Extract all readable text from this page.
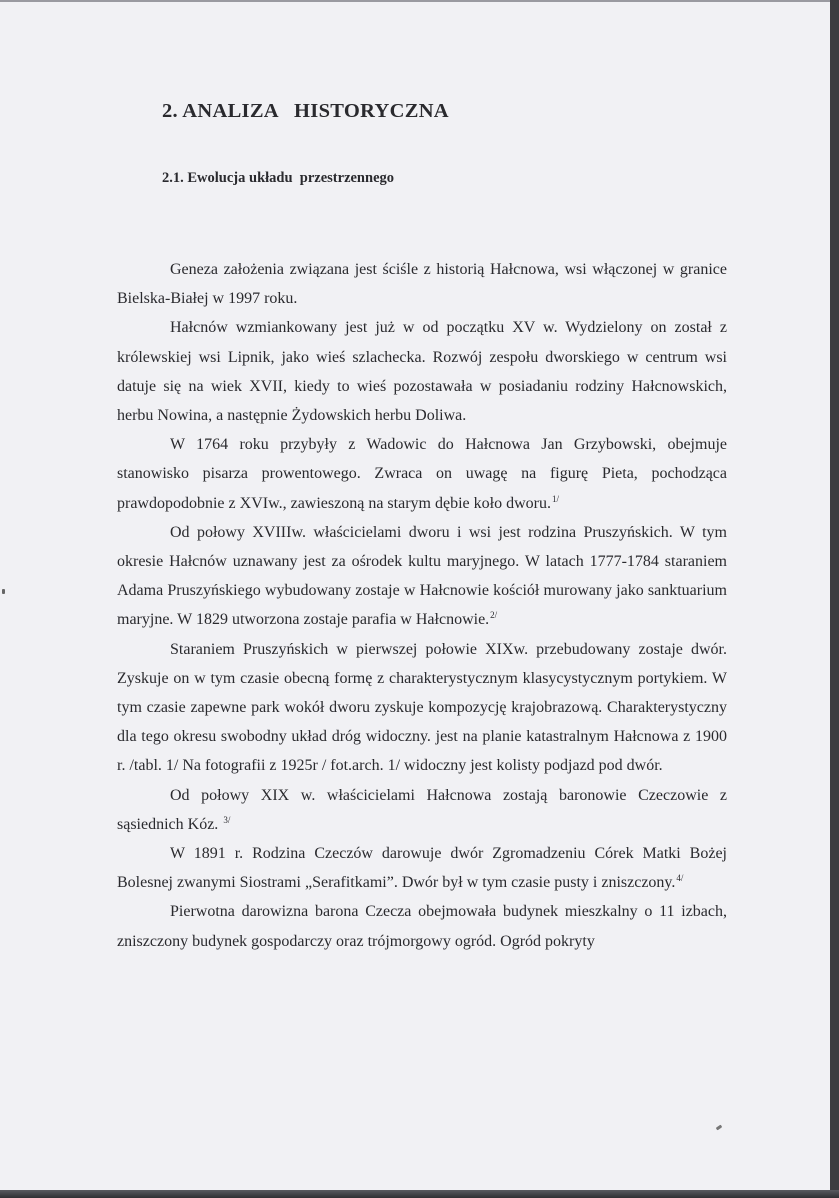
2. ANALIZA   HISTORYCZNA
2.1. Ewolucja układu  przestrzennego

Geneza założenia związana jest ściśle z historią Hałcnowa, wsi włączonej w granice Bielska-Białej w 1997 roku.

Hałcnów wzmiankowany jest już w od początku XV w. Wydzielony on został z królewskiej wsi Lipnik, jako wieś szlachecka. Rozwój zespołu dworskiego w centrum wsi datuje się na wiek XVII, kiedy to wieś pozostawała w posiadaniu rodziny Hałcnowskich, herbu Nowina, a następnie Żydowskich herbu Doliwa.

W 1764 roku przybyły z Wadowic do Hałcnowa Jan Grzybowski, obejmuje stanowisko pisarza prowentowego. Zwraca on uwagę na figurę Pieta, pochodząca prawdopodobnie z XVIw., zawieszoną na starym dębie koło dworu.$^{1/}$

Od połowy XVIIIw. właścicielami dworu i wsi jest rodzina Pruszyńskich. W tym okresie Hałcnów uznawany jest za ośrodek kultu maryjnego. W latach 1777-1784 staraniem Adama Pruszyńskiego wybudowany zostaje w Hałcnowie kościół murowany jako sanktuarium maryjne. W 1829 utworzona zostaje parafia w Hałcnowie.$^{2/}$

Staraniem Pruszyńskich w pierwszej połowie XIXw. przebudowany zostaje dwór. Zyskuje on w tym czasie obecną formę z charakterystycznym klasycystycznym portykiem. W tym czasie zapewne park wokół dworu zyskuje kompozycję krajobrazową. Charakterystyczny dla tego okresu swobodny układ dróg widoczny. jest na planie katastralnym Hałcnowa z 1900 r. /tabl. 1/ Na fotografii z 1925r / fot.arch. 1/ widoczny jest kolisty podjazd pod dwór.

Od połowy XIX w. właścicielami Hałcnowa zostają baronowie Czeczowie z sąsiednich Kóz. $^{3/}$

W 1891 r. Rodzina Czeczów darowuje dwór Zgromadzeniu Córek Matki Bożej Bolesnej zwanymi Siostrami „Serafitkami”. Dwór był w tym czasie pusty i zniszczony.$^{4/}$

Pierwotna darowizna barona Czecza obejmowała budynek mieszkalny o 11 izbach, zniszczony budynek gospodarczy oraz trójmorgowy ogród. Ogród pokryty
